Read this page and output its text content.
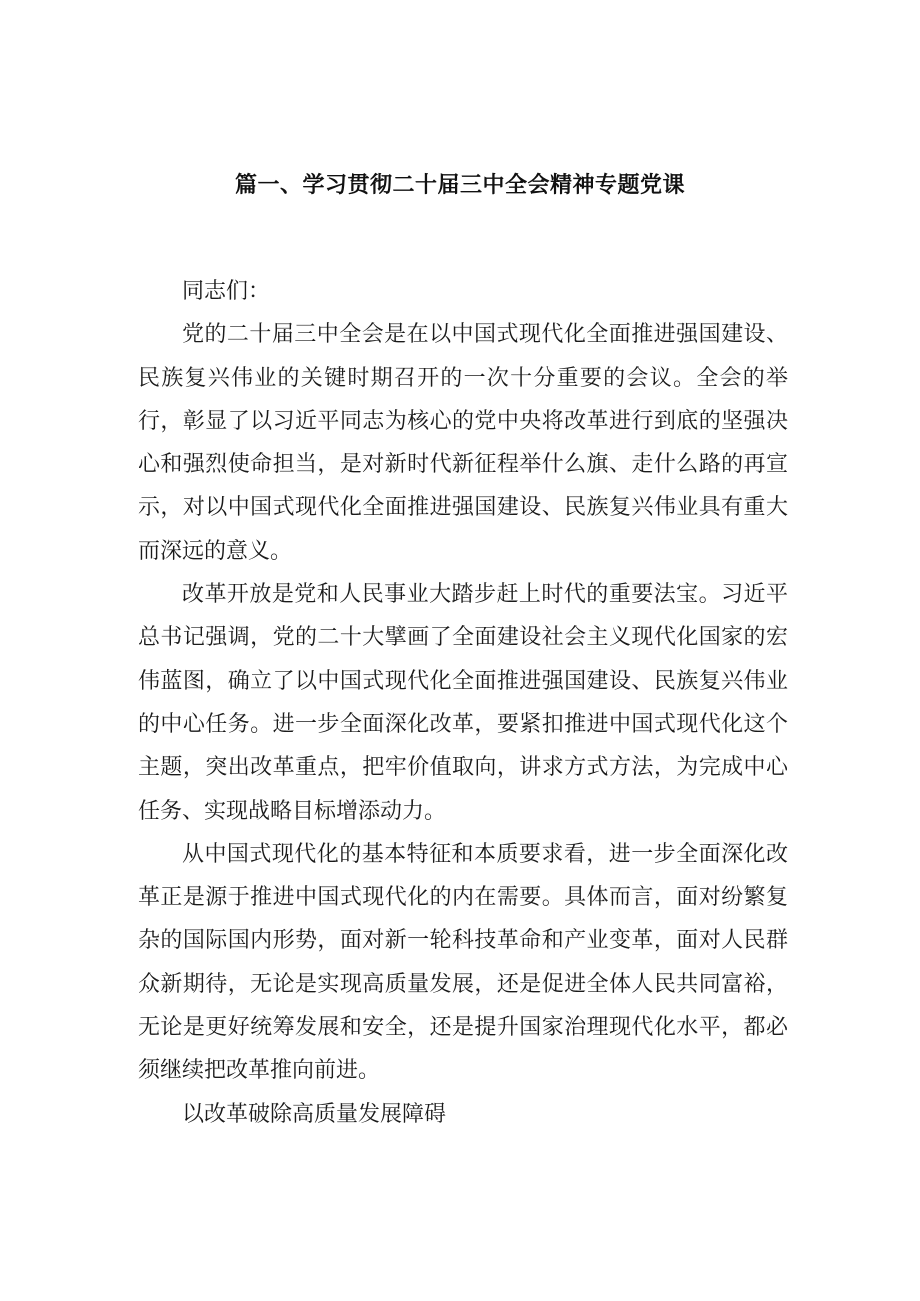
篇一、学习贯彻二十届三中全会精神专题党课

同志们：

党的二十届三中全会是在以中国式现代化全面推进强国建设、民族复兴伟业的关键时期召开的一次十分重要的会议。全会的举行，彰显了以习近平同志为核心的党中央将改革进行到底的坚强决心和强烈使命担当，是对新时代新征程举什么旗、走什么路的再宣示，对以中国式现代化全面推进强国建设、民族复兴伟业具有重大而深远的意义。

改革开放是党和人民事业大踏步赶上时代的重要法宝。习近平总书记强调，党的二十大擘画了全面建设社会主义现代化国家的宏伟蓝图，确立了以中国式现代化全面推进强国建设、民族复兴伟业的中心任务。进一步全面深化改革，要紧扣推进中国式现代化这个主题，突出改革重点，把牢价值取向，讲求方式方法，为完成中心任务、实现战略目标增添动力。

从中国式现代化的基本特征和本质要求看，进一步全面深化改革正是源于推进中国式现代化的内在需要。具体而言，面对纷繁复杂的国际国内形势，面对新一轮科技革命和产业变革，面对人民群众新期待，无论是实现高质量发展，还是促进全体人民共同富裕，无论是更好统筹发展和安全，还是提升国家治理现代化水平，都必须继续把改革推向前进。

以改革破除高质量发展障碍
